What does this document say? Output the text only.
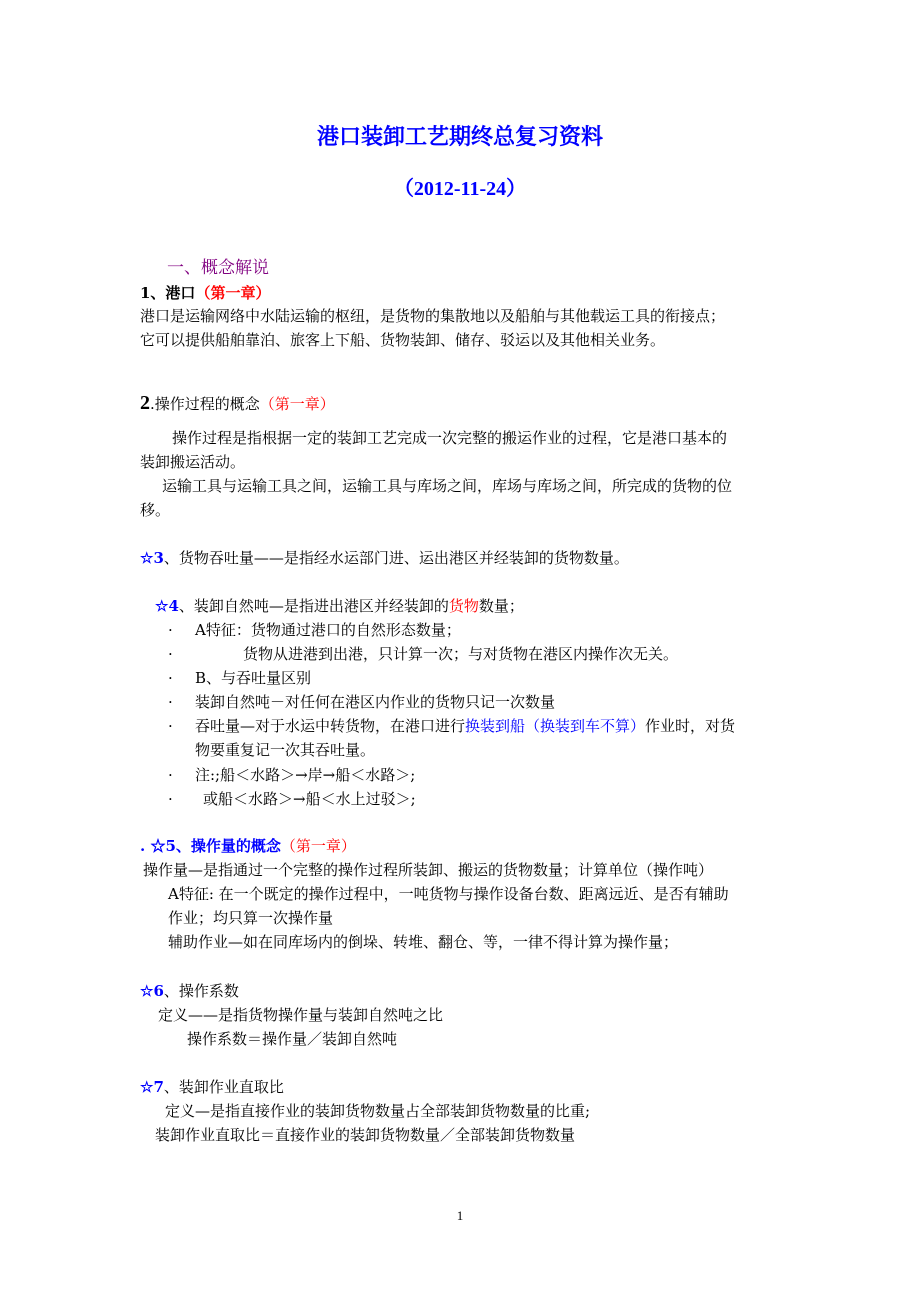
港口装卸工艺期终总复习资料
（2012-11-24）
一、概念解说
1、港口（第一章）
港口是运输网络中水陆运输的枢纽，是货物的集散地以及船舶与其他载运工具的衔接点；
它可以提供船舶靠泊、旅客上下船、货物装卸、储存、驳运以及其他相关业务。
2.操作过程的概念（第一章）
操作过程是指根据一定的装卸工艺完成一次完整的搬运作业的过程，它是港口基本的
装卸搬运活动。
运输工具与运输工具之间，运输工具与库场之间，库场与库场之间，所完成的货物的位
移。
☆3、货物吞吐量——是指经水运部门进、运出港区并经装卸的货物数量。
☆4、装卸自然吨—是指进出港区并经装卸的货物数量；
· A特征：货物通过港口的自然形态数量；
·	货物从进港到出港，只计算一次；与对货物在港区内操作次无关。
· B、与吞吐量区别
· 装卸自然吨－对任何在港区内作业的货物只记一次数量
· 吞吐量—对于水运中转货物，在港口进行换装到船（换装到车不算）作业时，对货
物要重复记一次其吞吐量。
· 注:;船＜水路＞→岸→船＜水路＞;
· 或船＜水路＞→船＜水上过驳＞;
. ☆5、操作量的概念（第一章）
操作量—是指通过一个完整的操作过程所装卸、搬运的货物数量；计算单位（操作吨）
A特征: 在一个既定的操作过程中，一吨货物与操作设备台数、距离远近、是否有辅助
作业；均只算一次操作量
辅助作业—如在同库场内的倒垛、转堆、翻仓、等，一律不得计算为操作量；
☆6、操作系数
定义——是指货物操作量与装卸自然吨之比
操作系数＝操作量／装卸自然吨
☆7、装卸作业直取比
定义—是指直接作业的装卸货物数量占全部装卸货物数量的比重;
装卸作业直取比＝直接作业的装卸货物数量／全部装卸货物数量
1
